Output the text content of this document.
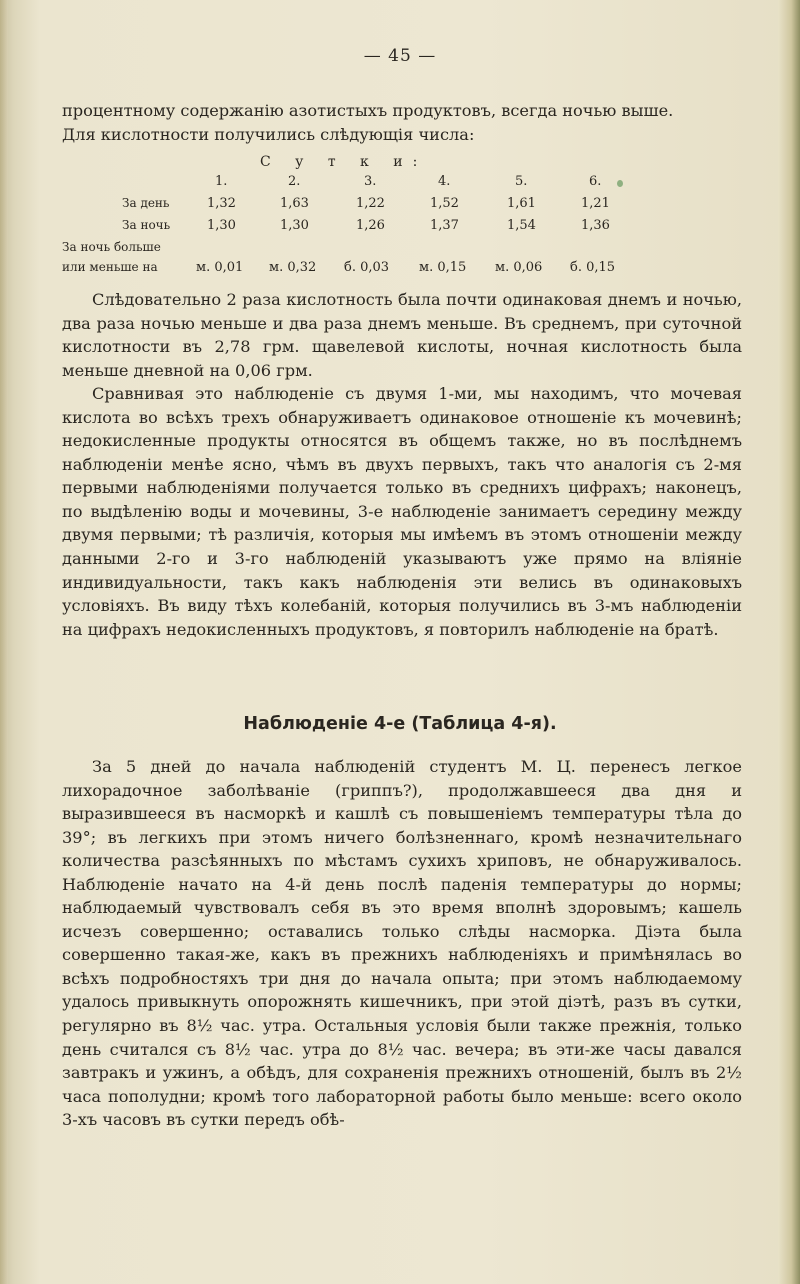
— 45 —

процентному содержанію азотистыхъ продуктовъ, всегда ночью выше.

Для кислотности получились слѣдующія числа:

С у т к и:
1.	2.	3.	4.	5.	6.
За день	1,32	1,63	1,22	1,52	1,61	1,21
За ночь	1,30	1,30	1,26	1,37	1,54	1,36
За ночь больше
или меньше на	м. 0,01 м. 0,32 б. 0,03 м. 0,15 м. 0,06 б. 0,15

Слѣдовательно 2 раза кислотность была почти одинаковая днемъ и ночью, два раза ночью меньше и два раза днемъ меньше. Въ среднемъ, при суточной кислотности въ 2,78 грм. щавелевой кислоты, ночная кислотность была меньше дневной на 0,06 грм.

Сравнивая это наблюденіе съ двумя 1-ми, мы находимъ, что мочевая кислота во всѣхъ трехъ обнаруживаетъ одинаковое отношеніе къ мочевинѣ; недокисленные продукты относятся въ общемъ также, но въ послѣднемъ наблюденіи менѣе ясно, чѣмъ въ двухъ первыхъ, такъ что аналогія съ 2-мя первыми наблюденіями получается только въ среднихъ цифрахъ; наконецъ, по выдѣленію воды и мочевины, 3-е наблюденіе занимаетъ середину между двумя первыми; тѣ различія, которыя мы имѣемъ въ этомъ отношеніи между данными 2-го и 3-го наблюденій указываютъ уже прямо на вліяніе индивидуальности, такъ какъ наблюденія эти велись въ одинаковыхъ условіяхъ. Въ виду тѣхъ колебаній, которыя получились въ 3-мъ наблюденіи на цифрахъ недокисленныхъ продуктовъ, я повторилъ наблюденіе на братѣ.

Наблюденіе 4-е (Таблица 4-я).

За 5 дней до начала наблюденій студентъ М. Ц. перенесъ легкое лихорадочное заболѣваніе (гриппъ?), продолжавшееся два дня и выразившееся въ насморкѣ и кашлѣ съ повышеніемъ температуры тѣла до 39°; въ легкихъ при этомъ ничего болѣзненнаго, кромѣ незначительнаго количества разсѣянныхъ по мѣстамъ сухихъ хриповъ, не обнаруживалось. Наблюденіе начато на 4-й день послѣ паденія температуры до нормы; наблюдаемый чувствовалъ себя въ это время вполнѣ здоровымъ; кашель исчезъ совершенно; оставались только слѣды насморка. Діэта была совершенно такая-же, какъ въ прежнихъ наблюденіяхъ и примѣнялась во всѣхъ подробностяхъ три дня до начала опыта; при этомъ наблюдаемому удалось привыкнуть опорожнять кишечникъ, при этой діэтѣ, разъ въ сутки, регулярно въ 8½ час. утра. Остальныя условія были также прежнія, только день считался съ 8½ час. утра до 8½ час. вечера; въ эти-же часы давался завтракъ и ужинъ, а обѣдъ, для сохраненія прежнихъ отношеній, былъ въ 2½ часа пополудни; кромѣ того лабораторной работы было меньше: всего около 3-хъ часовъ въ сутки передъ обѣ-
